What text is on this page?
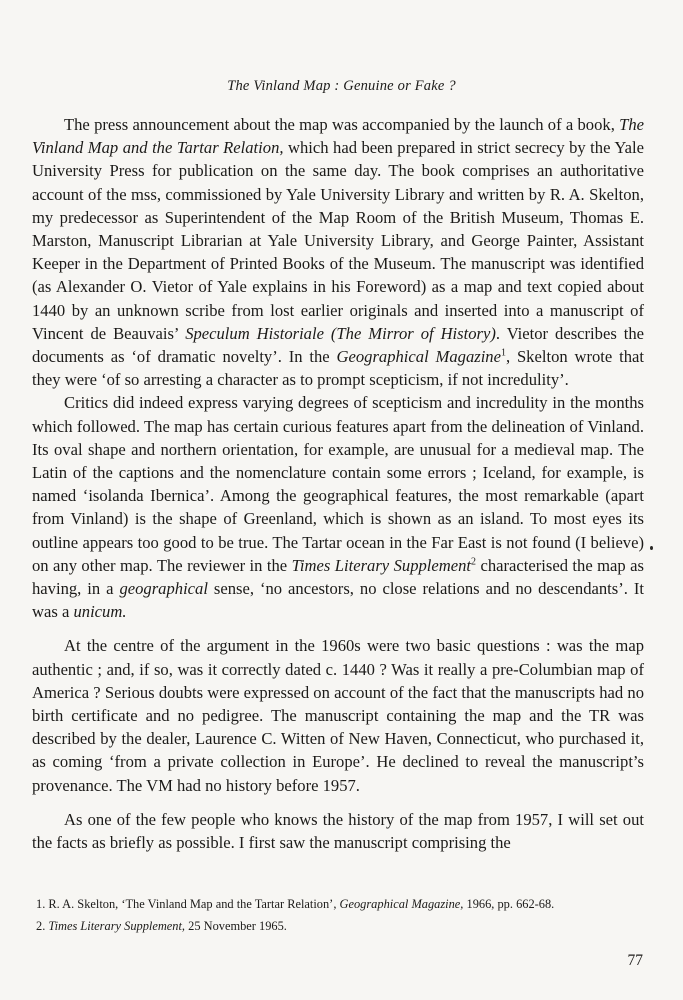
The Vinland Map : Genuine or Fake ?

The press announcement about the map was accompanied by the launch of a book, The Vinland Map and the Tartar Relation, which had been prepared in strict secrecy by the Yale University Press for publication on the same day. The book comprises an authoritative account of the mss, commissioned by Yale University Library and written by R. A. Skelton, my predecessor as Superintendent of the Map Room of the British Museum, Thomas E. Marston, Manuscript Librarian at Yale University Library, and George Painter, Assistant Keeper in the Department of Printed Books of the Museum. The manuscript was identified (as Alexander O. Vietor of Yale explains in his Foreword) as a map and text copied about 1440 by an unknown scribe from lost earlier originals and inserted into a manuscript of Vincent de Beauvais’ Speculum Historiale (The Mirror of History). Vietor describes the documents as ‘of dramatic novelty’. In the Geographical Magazine$^1$, Skelton wrote that they were ‘of so arresting a character as to prompt scepticism, if not incredulity’.

Critics did indeed express varying degrees of scepticism and incredulity in the months which followed. The map has certain curious features apart from the delineation of Vinland. Its oval shape and northern orientation, for example, are unusual for a medieval map. The Latin of the captions and the nomenclature contain some errors ; Iceland, for example, is named ‘isolanda Ibernica’. Among the geographical features, the most remarkable (apart from Vinland) is the shape of Greenland, which is shown as an island. To most eyes its outline appears too good to be true. The Tartar ocean in the Far East is not found (I believe) on any other map. The reviewer in the Times Literary Supplement$^2$ characterised the map as having, in a geographical sense, ‘no ancestors, no close relations and no descendants’. It was a unicum.

At the centre of the argument in the 1960s were two basic questions : was the map authentic ; and, if so, was it correctly dated c. 1440 ? Was it really a pre-Columbian map of America ? Serious doubts were expressed on account of the fact that the manuscripts had no birth certificate and no pedigree. The manuscript containing the map and the TR was described by the dealer, Laurence C. Witten of New Haven, Connecticut, who purchased it, as coming ‘from a private collection in Europe’. He declined to reveal the manuscript’s provenance. The VM had no history before 1957.

As one of the few people who knows the history of the map from 1957, I will set out the facts as briefly as possible. I first saw the manuscript comprising the

1. R. A. Skelton, ‘The Vinland Map and the Tartar Relation’, Geographical Magazine, 1966, pp. 662-68.
2. Times Literary Supplement, 25 November 1965.
77
